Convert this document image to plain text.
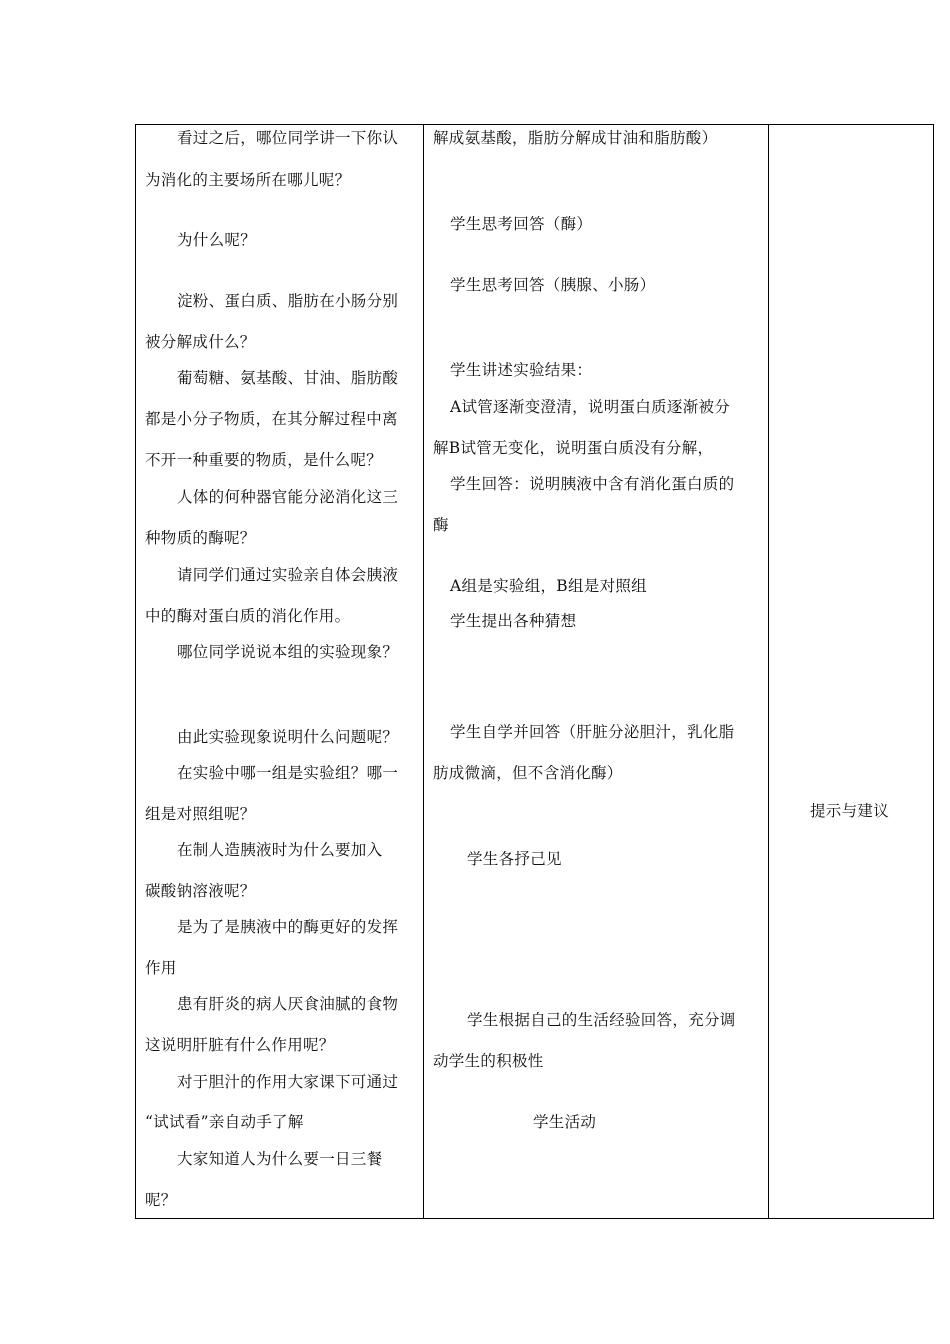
看过之后，哪位同学讲一下你认
为消化的主要场所在哪儿呢？
为什么呢？
淀粉、蛋白质、脂肪在小肠分别
被分解成什么？
葡萄糖、氨基酸、甘油、脂肪酸
都是小分子物质，在其分解过程中离
不开一种重要的物质，是什么呢？
人体的何种器官能分泌消化这三
种物质的酶呢？
请同学们通过实验亲自体会胰液
中的酶对蛋白质的消化作用。
哪位同学说说本组的实验现象？
由此实验现象说明什么问题呢？
在实验中哪一组是实验组？哪一
组是对照组呢？
在制人造胰液时为什么要加入
碳酸钠溶液呢？
是为了是胰液中的酶更好的发挥
作用
患有肝炎的病人厌食油腻的食物
这说明肝脏有什么作用呢？
对于胆汁的作用大家课下可通过
“试试看”亲自动手了解
大家知道人为什么要一日三餐
呢？
解成氨基酸，脂肪分解成甘油和脂肪酸）
学生思考回答（酶）
学生思考回答（胰腺、小肠）
学生讲述实验结果：
A试管逐渐变澄清，说明蛋白质逐渐被分
解B试管无变化，说明蛋白质没有分解，
学生回答：说明胰液中含有消化蛋白质的
酶
A组是实验组，B组是对照组
学生提出各种猜想
学生自学并回答（肝脏分泌胆汁，乳化脂
肪成微滴，但不含消化酶）
学生各抒己见
学生根据自己的生活经验回答，充分调
动学生的积极性
学生活动
提示与建议
